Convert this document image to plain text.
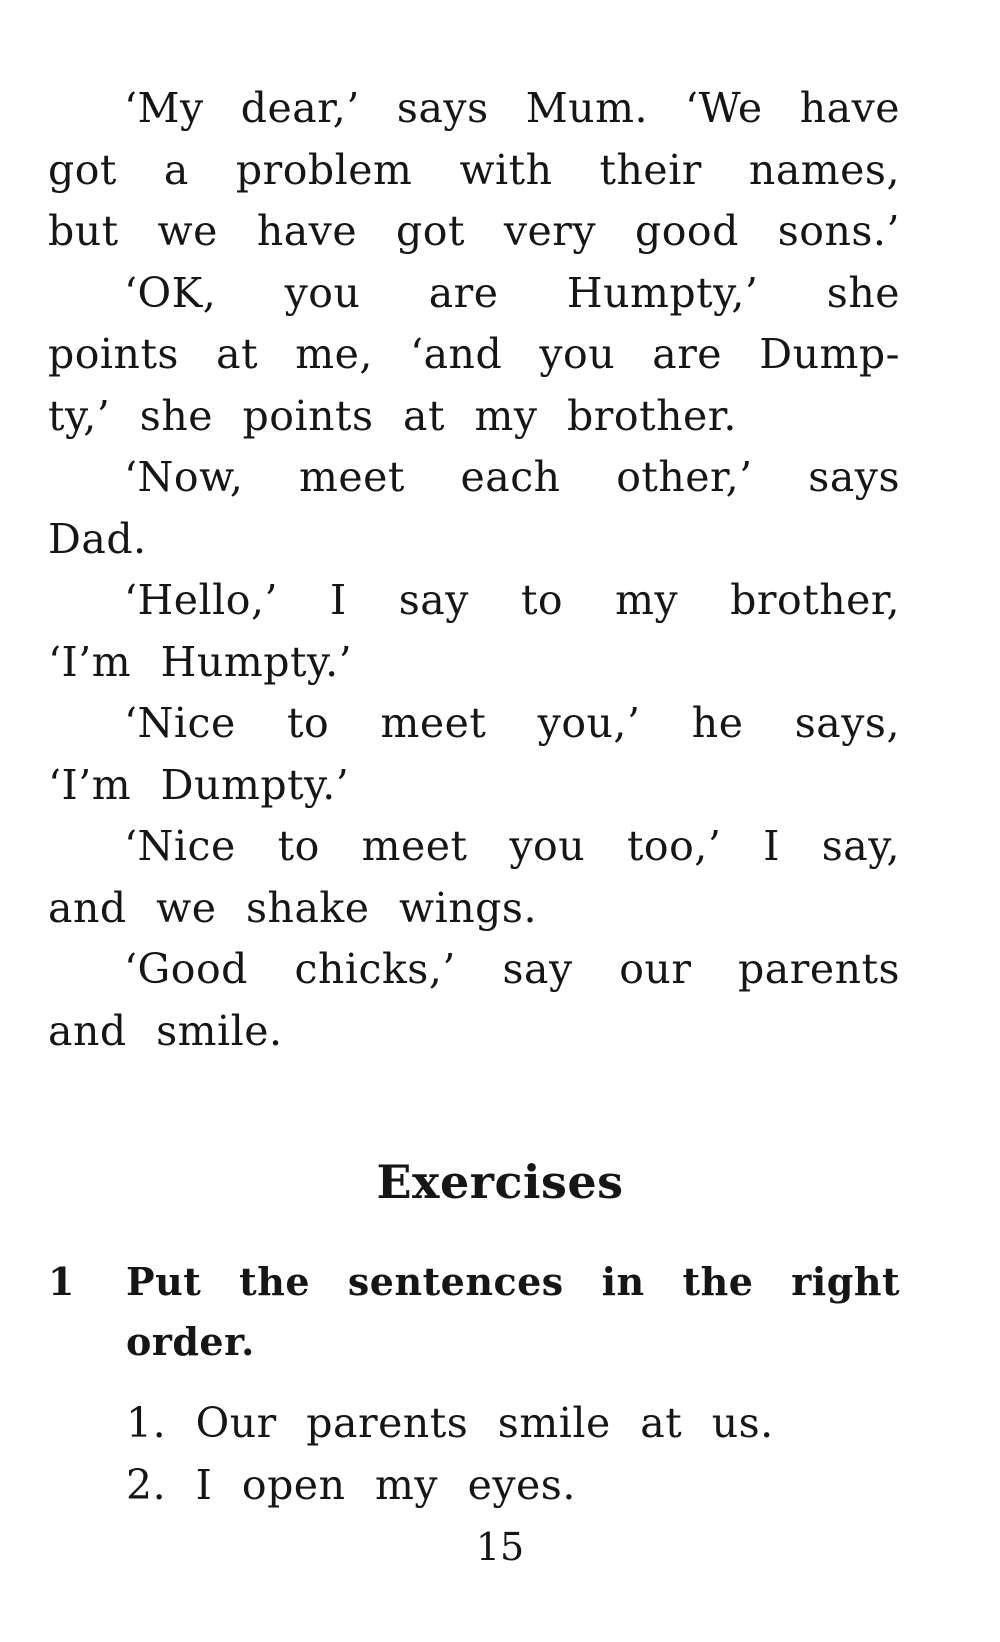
‘My dear,’ says Mum. ‘We have
got a problem with their names,
but we have got very good sons.’
‘OK, you are Humpty,’ she
points at me, ‘and you are Dump-
ty,’ she points at my brother.
‘Now, meet each other,’ says
Dad.
‘Hello,’ I say to my brother,
‘I’m Humpty.’
‘Nice to meet you,’ he says,
‘I’m Dumpty.’
‘Nice to meet you too,’ I say,
and we shake wings.
‘Good chicks,’ say our parents
and smile.
Exercises
1 Put the sentences in the right
order.
1. Our parents smile at us.
2. I open my eyes.
15
